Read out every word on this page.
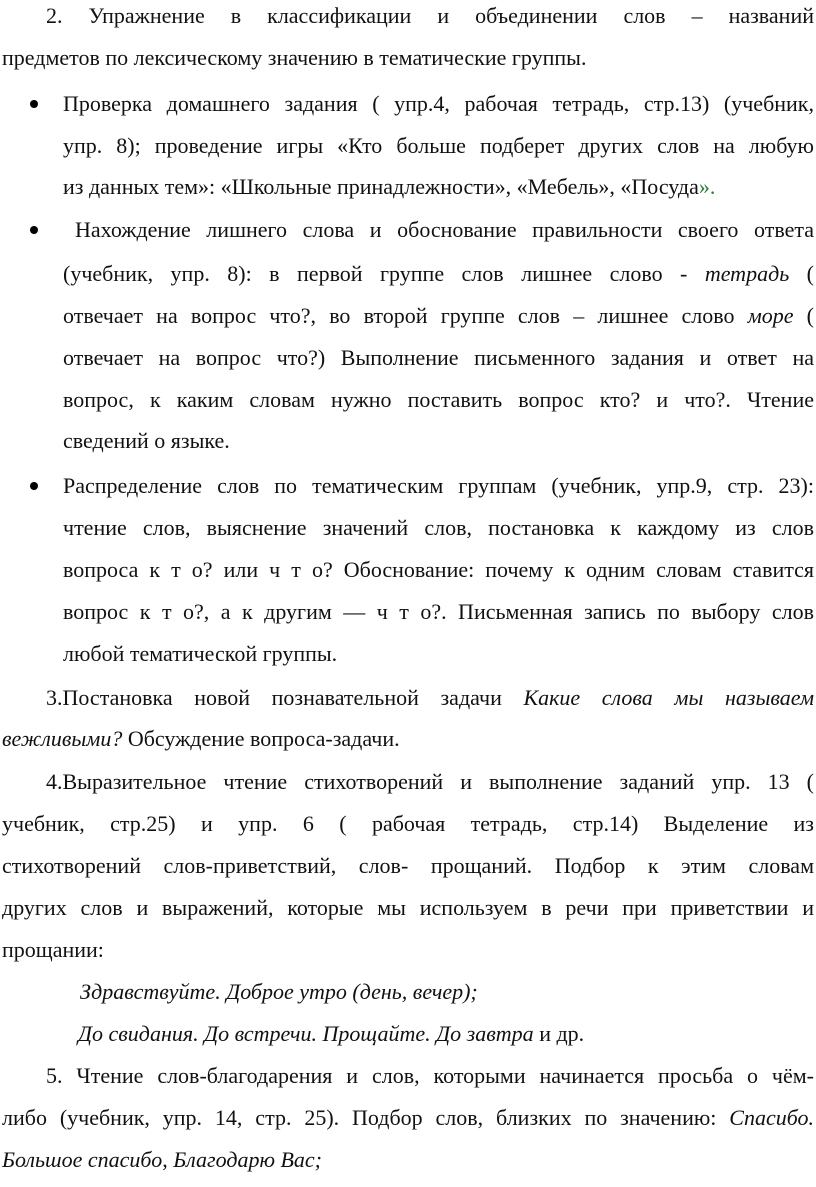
2. Упражнение в классификации и объединении слов – названий
предметов по лексическому значению в тематические группы.
Проверка домашнего задания ( упр.4, рабочая тетрадь, стр.13) (учебник,
упр. 8); проведение игры «Кто больше подберет других слов на любую
из данных тем»: «Школьные принадлежности», «Мебель», «Посуда».
Нахождение лишнего слова и обоснование правильности своего ответа
(учебник, упр. 8): в первой группе слов лишнее слово - тетрадь (
отвечает на вопрос что?, во второй группе слов – лишнее слово море (
отвечает на вопрос что?) Выполнение письменного задания и ответ на
вопрос, к каким словам нужно поставить вопрос кто? и что?. Чтение
сведений о языке.
Распределение слов по тематическим группам (учебник, упр.9, стр. 23):
чтение слов, выяснение значений слов, постановка к каждому из слов
вопроса к т о? или ч т о? Обоснование: почему к одним словам ставится
вопрос к т о?, а к другим — ч т о?. Письменная запись по выбору слов
любой тематической группы.
3.Постановка новой познавательной задачи Какие слова мы называем
вежливыми? Обсуждение вопроса-задачи.
4.Выразительное чтение стихотворений и выполнение заданий упр. 13 (
учебник, стр.25) и упр. 6 ( рабочая тетрадь, стр.14) Выделение из
стихотворений слов-приветствий, слов- прощаний. Подбор к этим словам
других слов и выражений, которые мы используем в речи при приветствии и
прощании:
Здравствуйте. Доброе утро (день, вечер);
До свидания. До встречи. Прощайте. До завтра и др.
5. Чтение слов-благодарения и слов, которыми начинается просьба о чём-
либо (учебник, упр. 14, стр. 25). Подбор слов, близких по значению: Спасибо.
Большое спасибо, Благодарю Вас;
